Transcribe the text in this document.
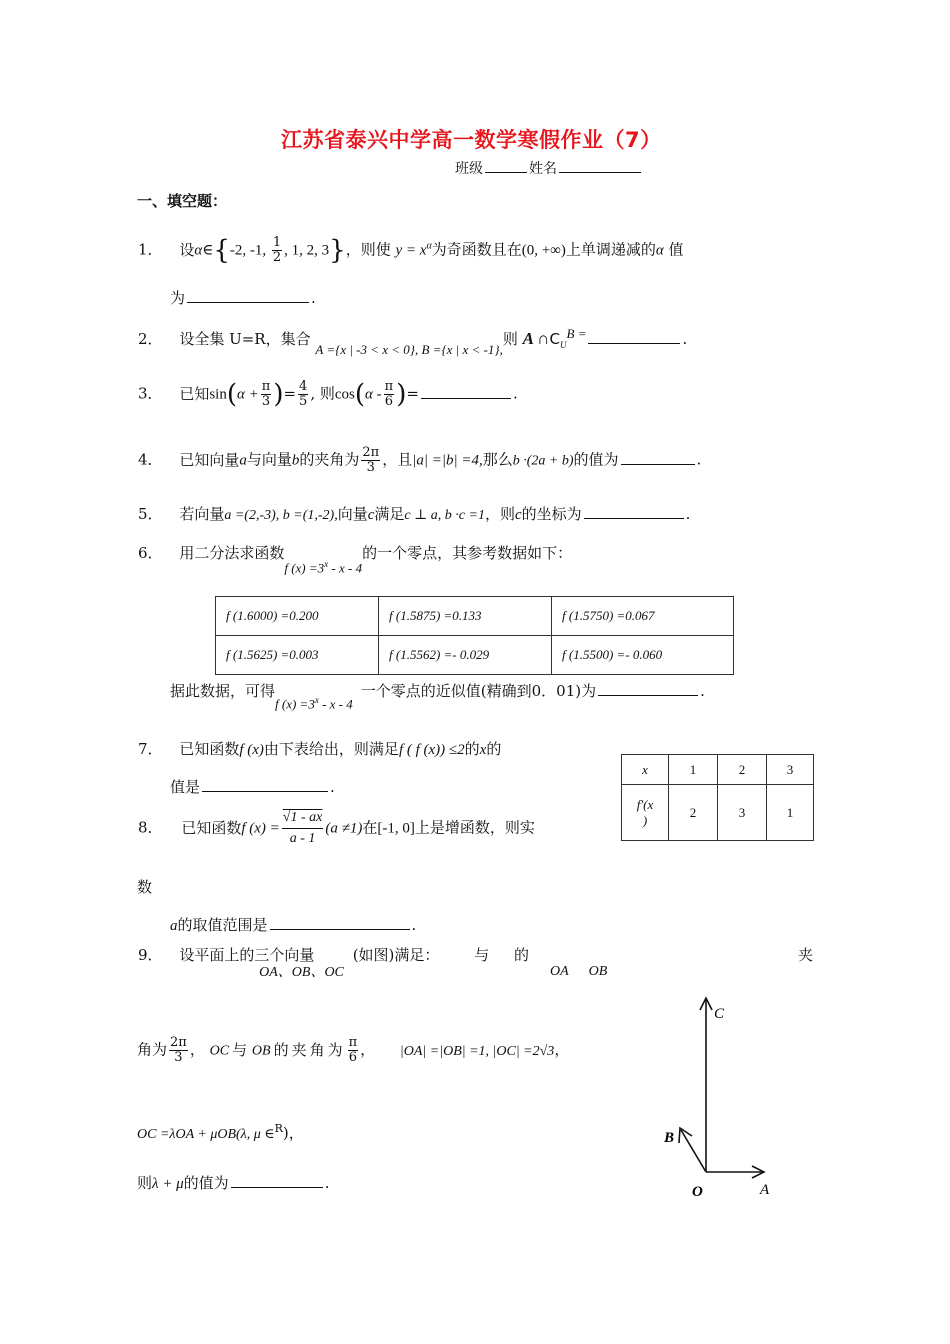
江苏省泰兴中学高一数学寒假作业（7）
班级	姓名
一、填空题：
1． 设α∈{-2, -1, $\frac{1}{2}$ , 1, 2, 3}，则使 $y = x^\alpha$为奇函数且在(0, +∞)上单调递减的α 值
为	.
2． 设全集 U=R，集合 A ={x | -3 < x < 0}, B ={x | x < -1},则 A $\cap C_U^{B =}$	.
3． 已知$\sin(\alpha + \frac{\pi}{3}$ )= $\frac{4}{5}$ , 则$\cos(\alpha - \frac{\pi}{6}$ )=	.
4． 已知向量a与向量b的夹角为 $\frac{2\pi}{3}$ ，且|a| =|b| =4,那么b ·(2a + b)的值为	.
5． 若向量a =(2,-3), b =(1,-2),向量c满足c ⊥ a, b ·c =1，则c的坐标为	.
6． 用二分法求函数f $(x) =3^x - x - 4$的一个零点，其参考数据如下：
f (1.6000) =0.200	f (1.5875) =0.133	f (1.5750) =0.067
f (1.5625) =0.003	f (1.5562) =- 0.029	f (1.5500) =- 0.060
据此数据，可得f $(x) =3^x - x - 4$一个零点的近似值(精确到0．01)为	.
7． 已知函数f (x)由下表给出，则满足f ( f (x)) ≤2的x的
值是	.
x	1	2	3

f′(x
)	2	3	1
8． 已知函数f $(x) = \frac{√1 - ax}{a - 1} (a \ne 1)$在[-1, 0]上是增函数，则实
数
a的取值范围是	.
9． 设平面上的三个向量 OA、OB、OC (如图)满足： 与 的	夹
OA OB
角为 $\frac{2\pi}{3}$ ， OC 与 OB 的夹角为 $\frac{\pi}{6}$ ， |OA| =|OB| =1, |OC| =2√3，
OC =λOA + μOB(λ, μ ∈$^R$)，
则λ + μ的值为	.
C
B
O	A
